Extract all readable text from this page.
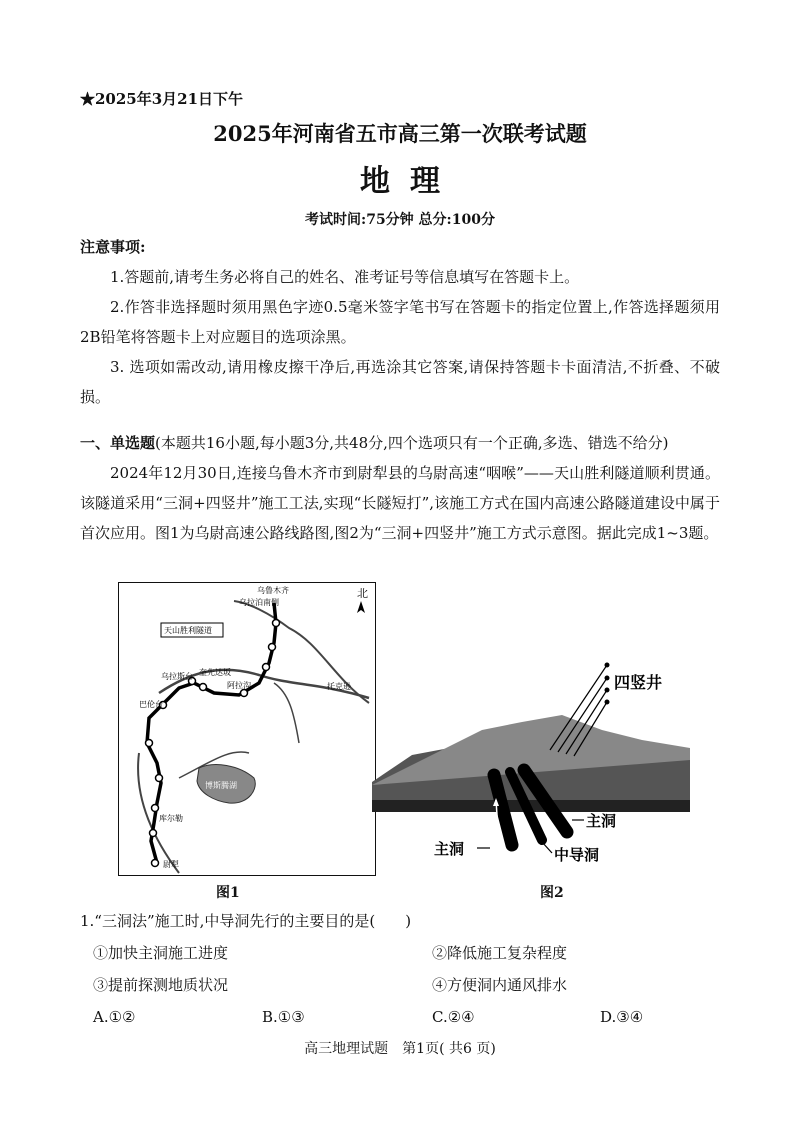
★2025年3月21日下午
2025年河南省五市高三第一次联考试题
地理
考试时间:75分钟 总分:100分
注意事项:
1.答题前,请考生务必将自己的姓名、准考证号等信息填写在答题卡上。
2.作答非选择题时须用黑色字迹0.5毫米签字笔书写在答题卡的指定位置上,作答选择题须用2B铅笔将答题卡上对应题目的选项涂黑。
3. 选项如需改动,请用橡皮擦干净后,再选涂其它答案,请保持答题卡卡面清洁,不折叠、不破损。
一、单选题(本题共16小题,每小题3分,共48分,四个选项只有一个正确,多选、错选不给分)
2024年12月30日,连接乌鲁木齐市到尉犁县的乌尉高速“咽喉”——天山胜利隧道顺利贯通。该隧道采用“三洞+四竖井”施工工法,实现“长隧短打”,该施工方式在国内高速公路隧道建设中属于首次应用。图1为乌尉高速公路线路图,图2为“三洞+四竖井”施工方式示意图。据此完成1~3题。
北
乌鲁木齐
乌拉泊南侧
天山胜利隧道
乌拉斯台 奎先达坂
阿拉沟	托克逊
巴伦台
博斯腾湖
库尔勒
尉犁
图1
四竖井
主洞
主洞	中导洞
图2
1.“三洞法”施工时,中导洞先行的主要目的是(　　)
①加快主洞施工进度	②降低施工复杂程度
③提前探测地质状况	④方便洞内通风排水
A.①②	B.①③	C.②④	D.③④
高三地理试题　第1页( 共6 页)
